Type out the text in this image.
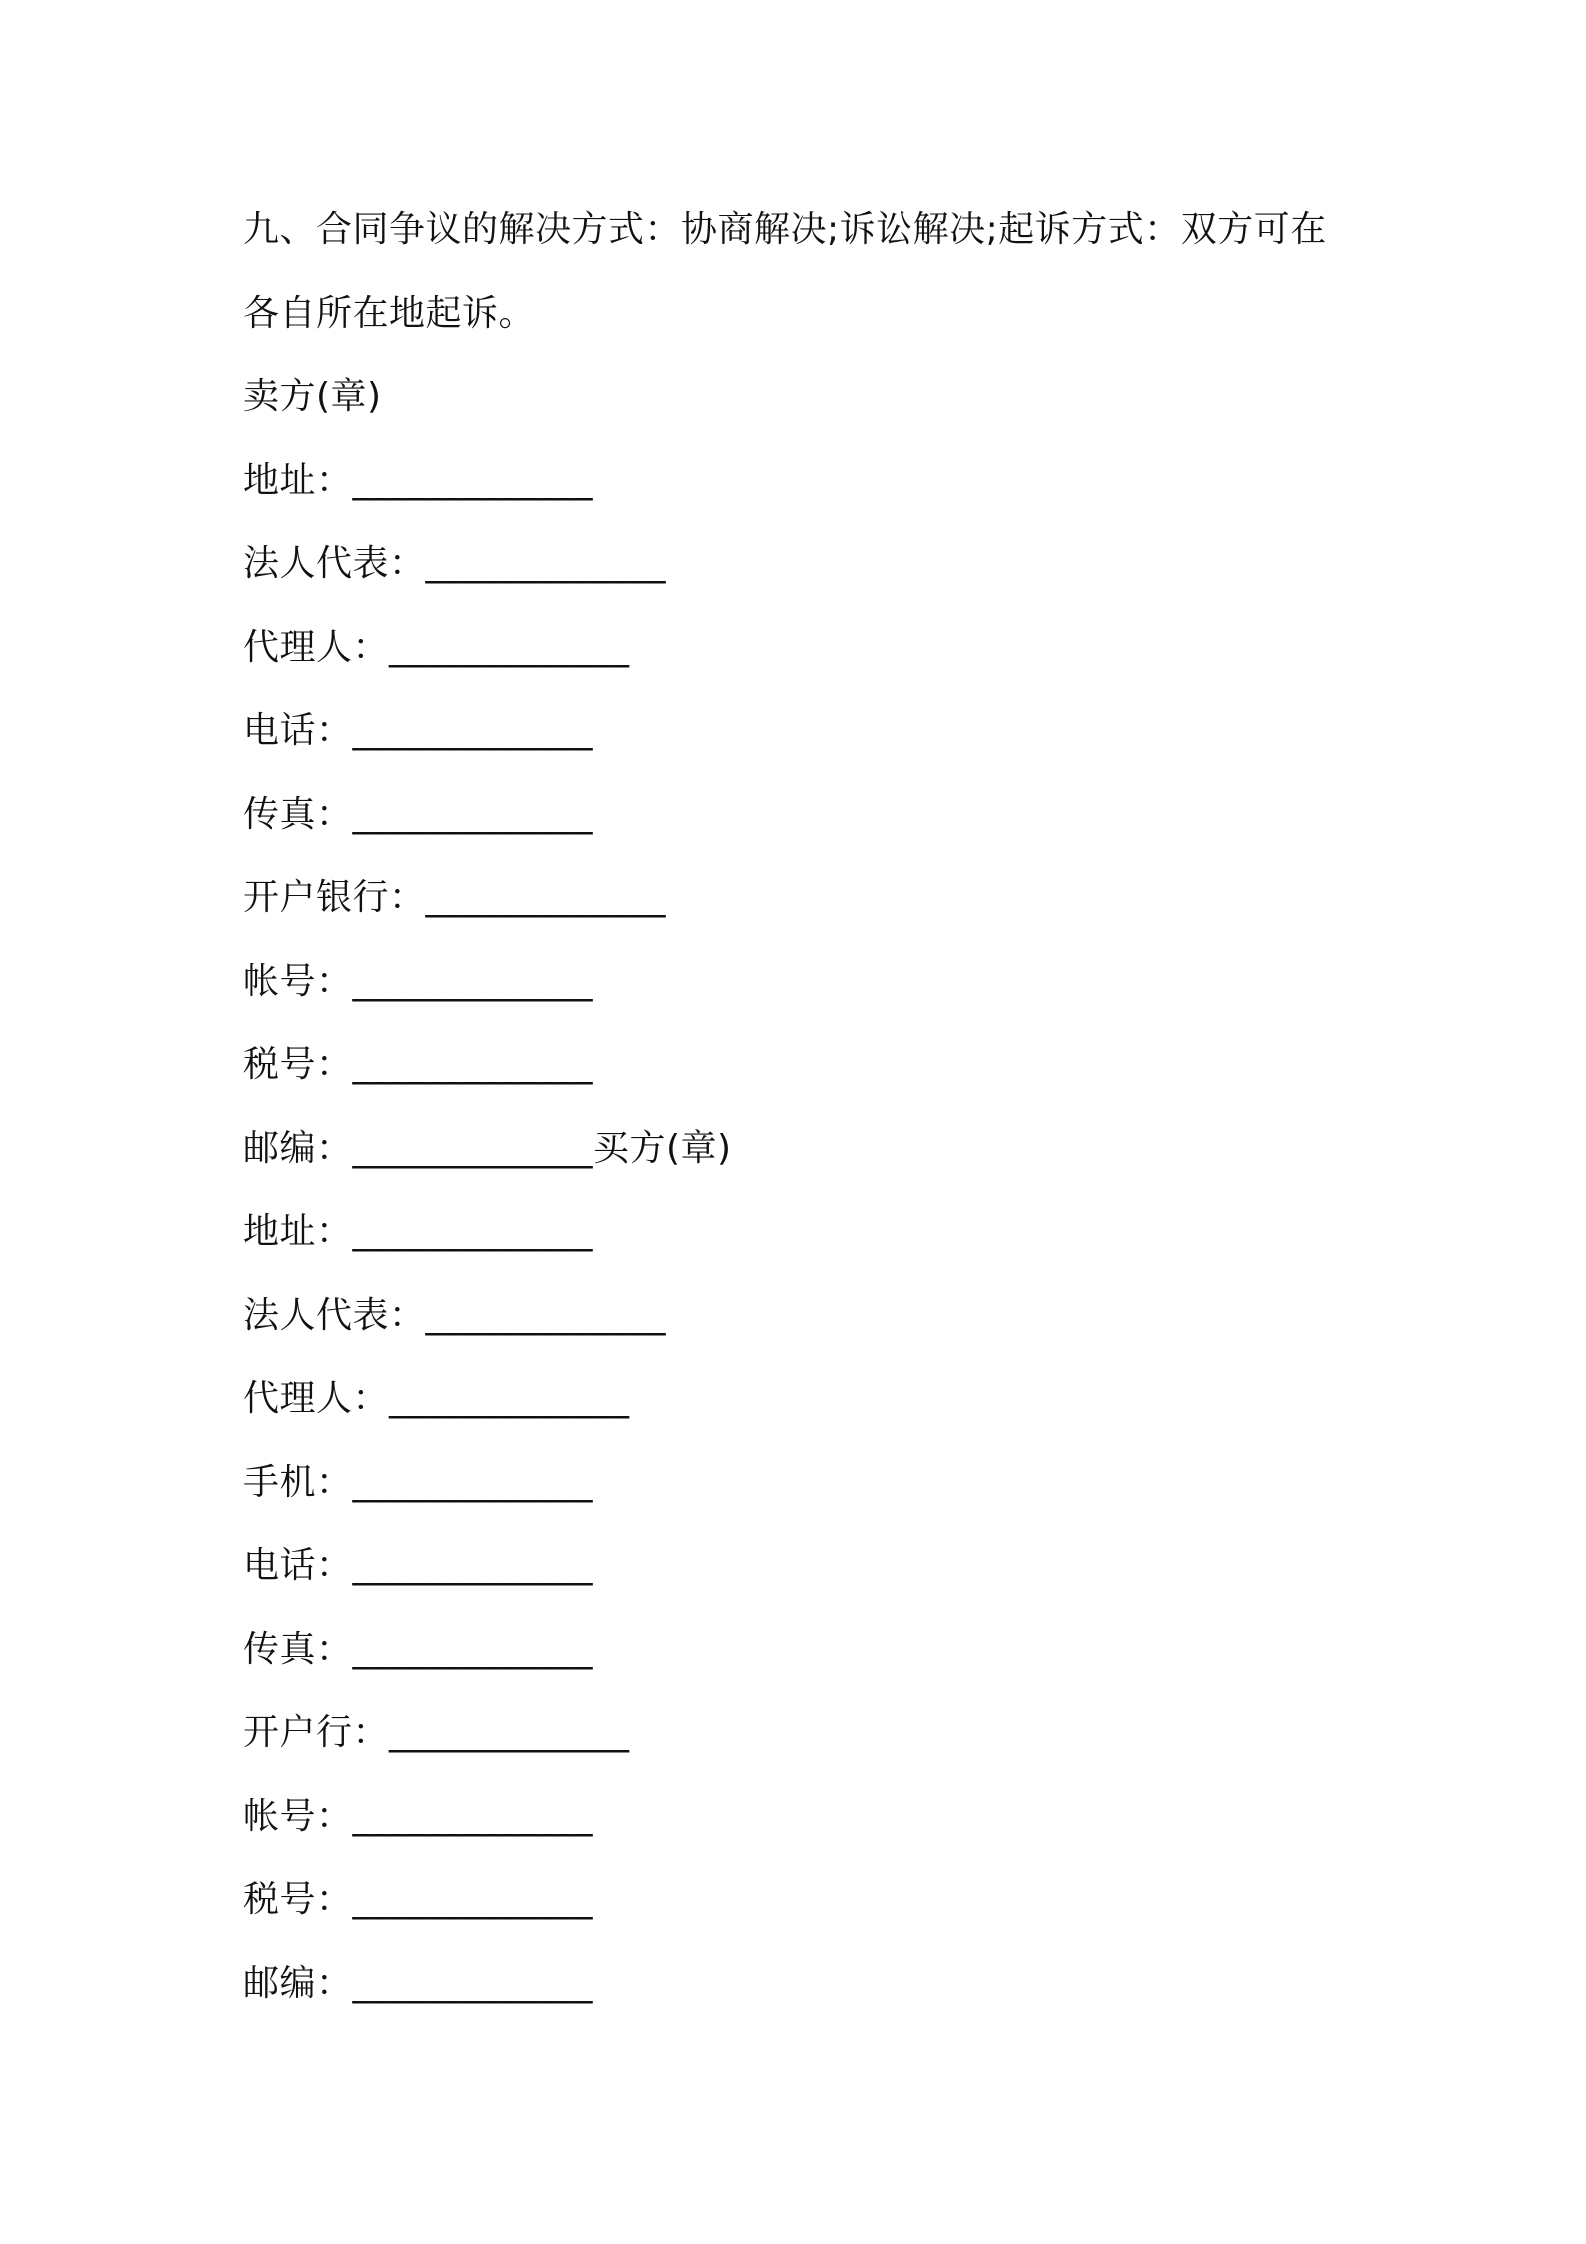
九、合同争议的解决方式：协商解决;诉讼解决;起诉方式：双方可在
各自所在地起诉。
卖方(章)
地址：_____________
法人代表：_____________
代理人：_____________
电话：_____________
传真：_____________
开户银行：_____________
帐号：_____________
税号：_____________
邮编：_____________买方(章)
地址：_____________
法人代表：_____________
代理人：_____________
手机：_____________
电话：_____________
传真：_____________
开户行：_____________
帐号：_____________
税号：_____________
邮编：_____________
